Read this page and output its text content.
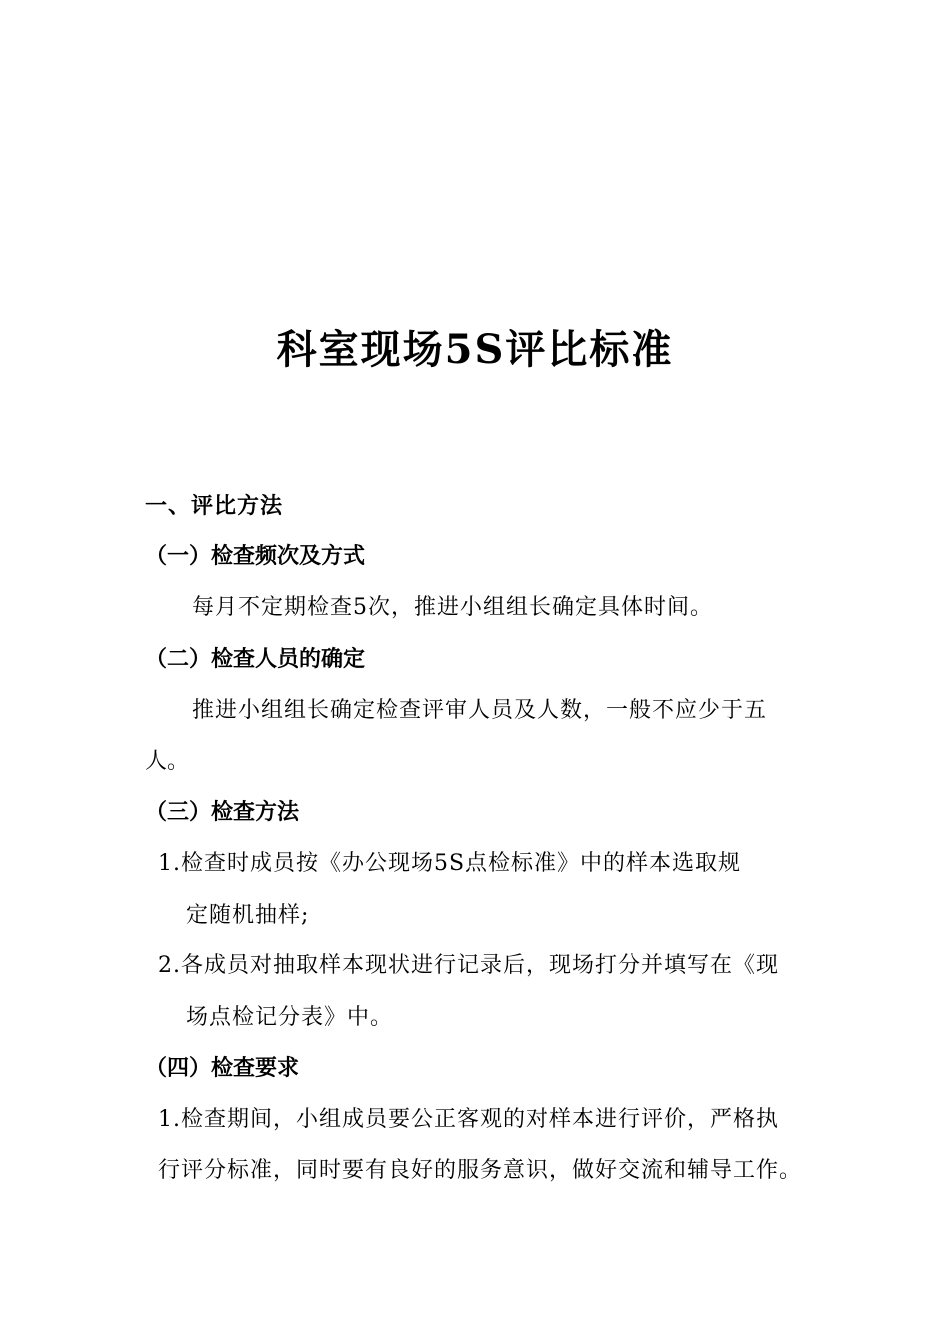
科室现场5S评比标准
一、评比方法
（一）检查频次及方式
每月不定期检查5次，推进小组组长确定具体时间。
（二）检查人员的确定
推进小组组长确定检查评审人员及人数，一般不应少于五
人。
（三）检查方法
1.检查时成员按《办公现场5S点检标准》中的样本选取规
定随机抽样;
2.各成员对抽取样本现状进行记录后，现场打分并填写在《现
场点检记分表》中。
（四）检查要求
1.检查期间，小组成员要公正客观的对样本进行评价，严格执
行评分标准，同时要有良好的服务意识，做好交流和辅导工作。
